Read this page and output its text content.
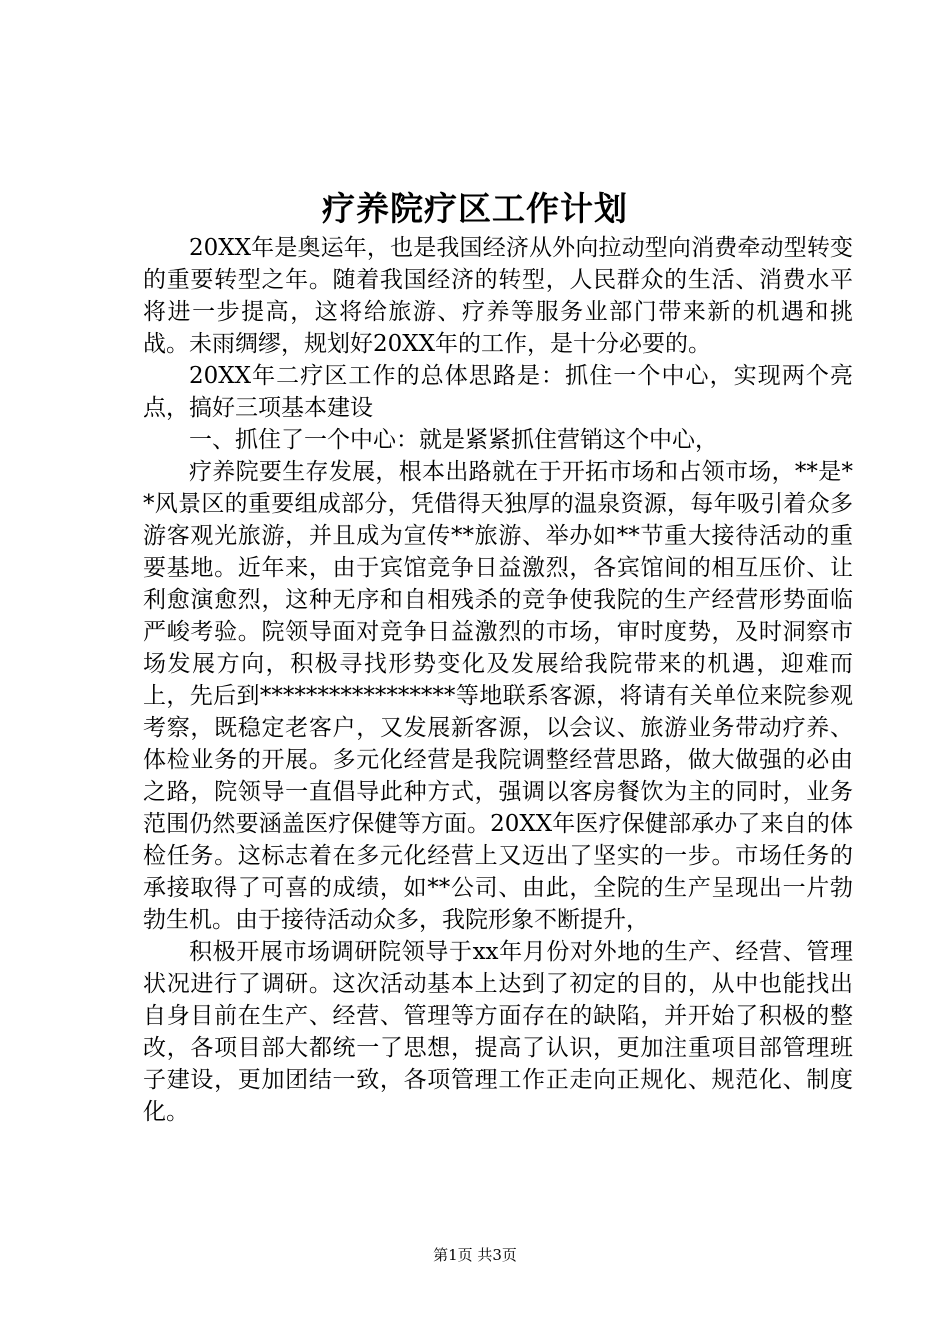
疗养院疗区工作计划

20XX年是奥运年，也是我国经济从外向拉动型向消费牵动型转变的重要转型之年。随着我国经济的转型，人民群众的生活、消费水平将进一步提高，这将给旅游、疗养等服务业部门带来新的机遇和挑战。未雨绸缪，规划好20XX年的工作，是十分必要的。

20XX年二疗区工作的总体思路是：抓住一个中心，实现两个亮点，搞好三项基本建设

一、抓住了一个中心：就是紧紧抓住营销这个中心，

疗养院要生存发展，根本出路就在于开拓市场和占领市场，**是**风景区的重要组成部分，凭借得天独厚的温泉资源，每年吸引着众多游客观光旅游，并且成为宣传**旅游、举办如**节重大接待活动的重要基地。近年来，由于宾馆竞争日益激烈，各宾馆间的相互压价、让利愈演愈烈，这种无序和自相残杀的竞争使我院的生产经营形势面临严峻考验。院领导面对竞争日益激烈的市场，审时度势，及时洞察市场发展方向，积极寻找形势变化及发展给我院带来的机遇，迎难而上，先后到*****************等地联系客源，将请有关单位来院参观考察，既稳定老客户，又发展新客源，以会议、旅游业务带动疗养、体检业务的开展。多元化经营是我院调整经营思路，做大做强的必由之路，院领导一直倡导此种方式，强调以客房餐饮为主的同时，业务范围仍然要涵盖医疗保健等方面。20XX年医疗保健部承办了来自的体检任务。这标志着在多元化经营上又迈出了坚实的一步。市场任务的承接取得了可喜的成绩，如**公司、由此，全院的生产呈现出一片勃勃生机。由于接待活动众多，我院形象不断提升，

积极开展市场调研院领导于xx年月份对外地的生产、经营、管理状况进行了调研。这次活动基本上达到了初定的目的，从中也能找出自身目前在生产、经营、管理等方面存在的缺陷，并开始了积极的整改，各项目部大都统一了思想，提高了认识，更加注重项目部管理班子建设，更加团结一致，各项管理工作正走向正规化、规范化、制度化。

第1页 共3页
